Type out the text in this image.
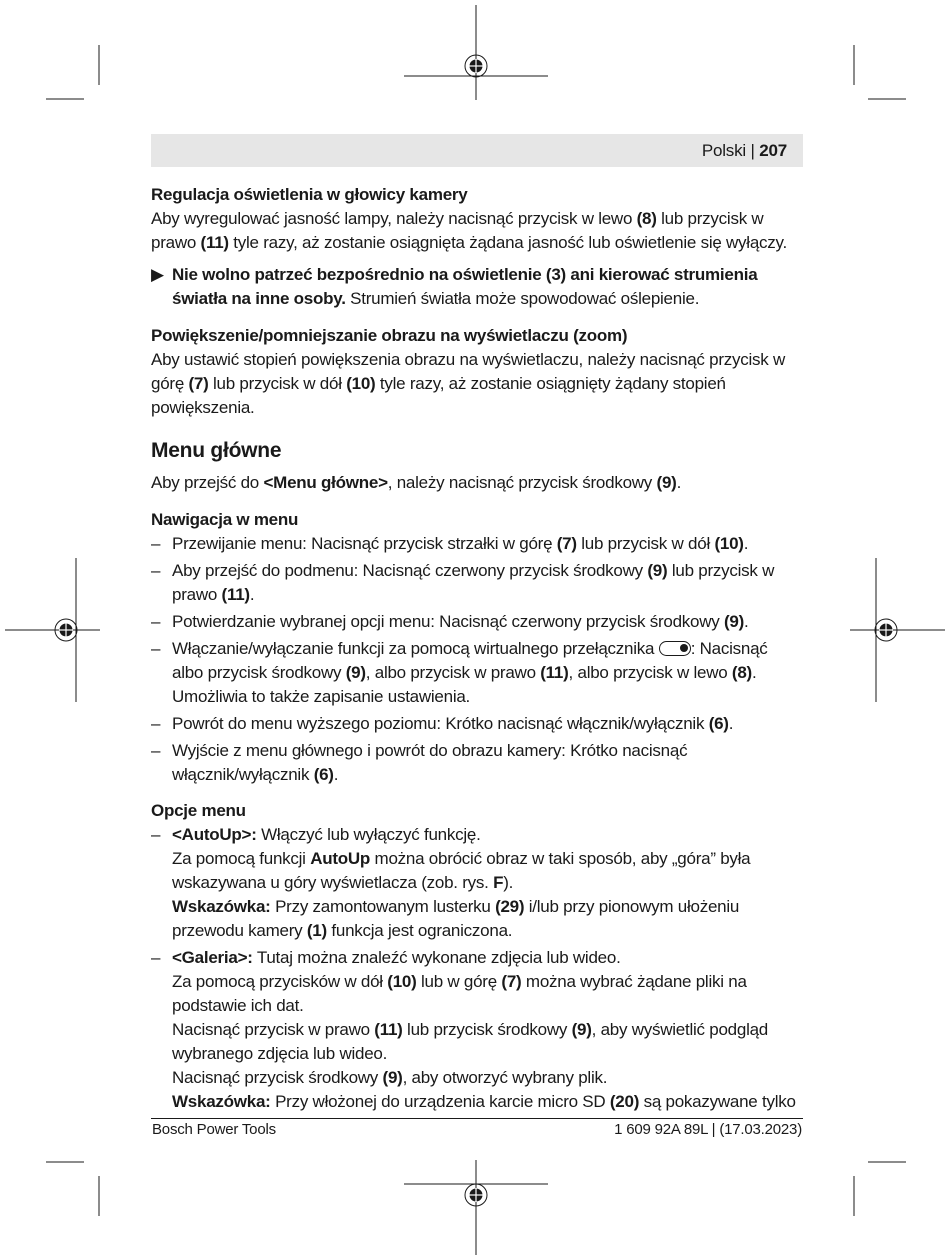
Polski | 207

Regulacja oświetlenia w głowicy kamery

Aby wyregulować jasność lampy, należy nacisnąć przycisk w lewo (8) lub przycisk w prawo (11) tyle razy, aż zostanie osiągnięta żądana jasność lub oświetlenie się wyłączy.

▶ Nie wolno patrzeć bezpośrednio na oświetlenie (3) ani kierować strumienia światła na inne osoby. Strumień światła może spowodować oślepienie.

Powiększenie/pomniejszanie obrazu na wyświetlaczu (zoom)

Aby ustawić stopień powiększenia obrazu na wyświetlaczu, należy nacisnąć przycisk w górę (7) lub przycisk w dół (10) tyle razy, aż zostanie osiągnięty żądany stopień powiększenia.

Menu główne

Aby przejść do <Menu główne>, należy nacisnąć przycisk środkowy (9).

Nawigacja w menu

– Przewijanie menu: Nacisnąć przycisk strzałki w górę (7) lub przycisk w dół (10).
– Aby przejść do podmenu: Nacisnąć czerwony przycisk środkowy (9) lub przycisk w prawo (11).
– Potwierdzanie wybranej opcji menu: Nacisnąć czerwony przycisk środkowy (9).
– Włączanie/wyłączanie funkcji za pomocą wirtualnego przełącznika : Nacisnąć albo przycisk środkowy (9), albo przycisk w prawo (11), albo przycisk w lewo (8). Umożliwia to także zapisanie ustawienia.
– Powrót do menu wyższego poziomu: Krótko nacisnąć włącznik/wyłącznik (6).
– Wyjście z menu głównego i powrót do obrazu kamery: Krótko nacisnąć włącznik/wyłącznik (6).

Opcje menu

– <AutoUp>: Włączyć lub wyłączyć funkcję.
Za pomocą funkcji AutoUp można obrócić obraz w taki sposób, aby „góra” była wskazywana u góry wyświetlacza (zob. rys. F).
Wskazówka: Przy zamontowanym lusterku (29) i/lub przy pionowym ułożeniu przewodu kamery (1) funkcja jest ograniczona.
– <Galeria>: Tutaj można znaleźć wykonane zdjęcia lub wideo.
Za pomocą przycisków w dół (10) lub w górę (7) można wybrać żądane pliki na podstawie ich dat.
Nacisnąć przycisk w prawo (11) lub przycisk środkowy (9), aby wyświetlić podgląd wybranego zdjęcia lub wideo.
Nacisnąć przycisk środkowy (9), aby otworzyć wybrany plik.
Wskazówka: Przy włożonej do urządzenia karcie micro SD (20) są pokazywane tylko
Bosch Power Tools	1 609 92A 89L | (17.03.2023)
